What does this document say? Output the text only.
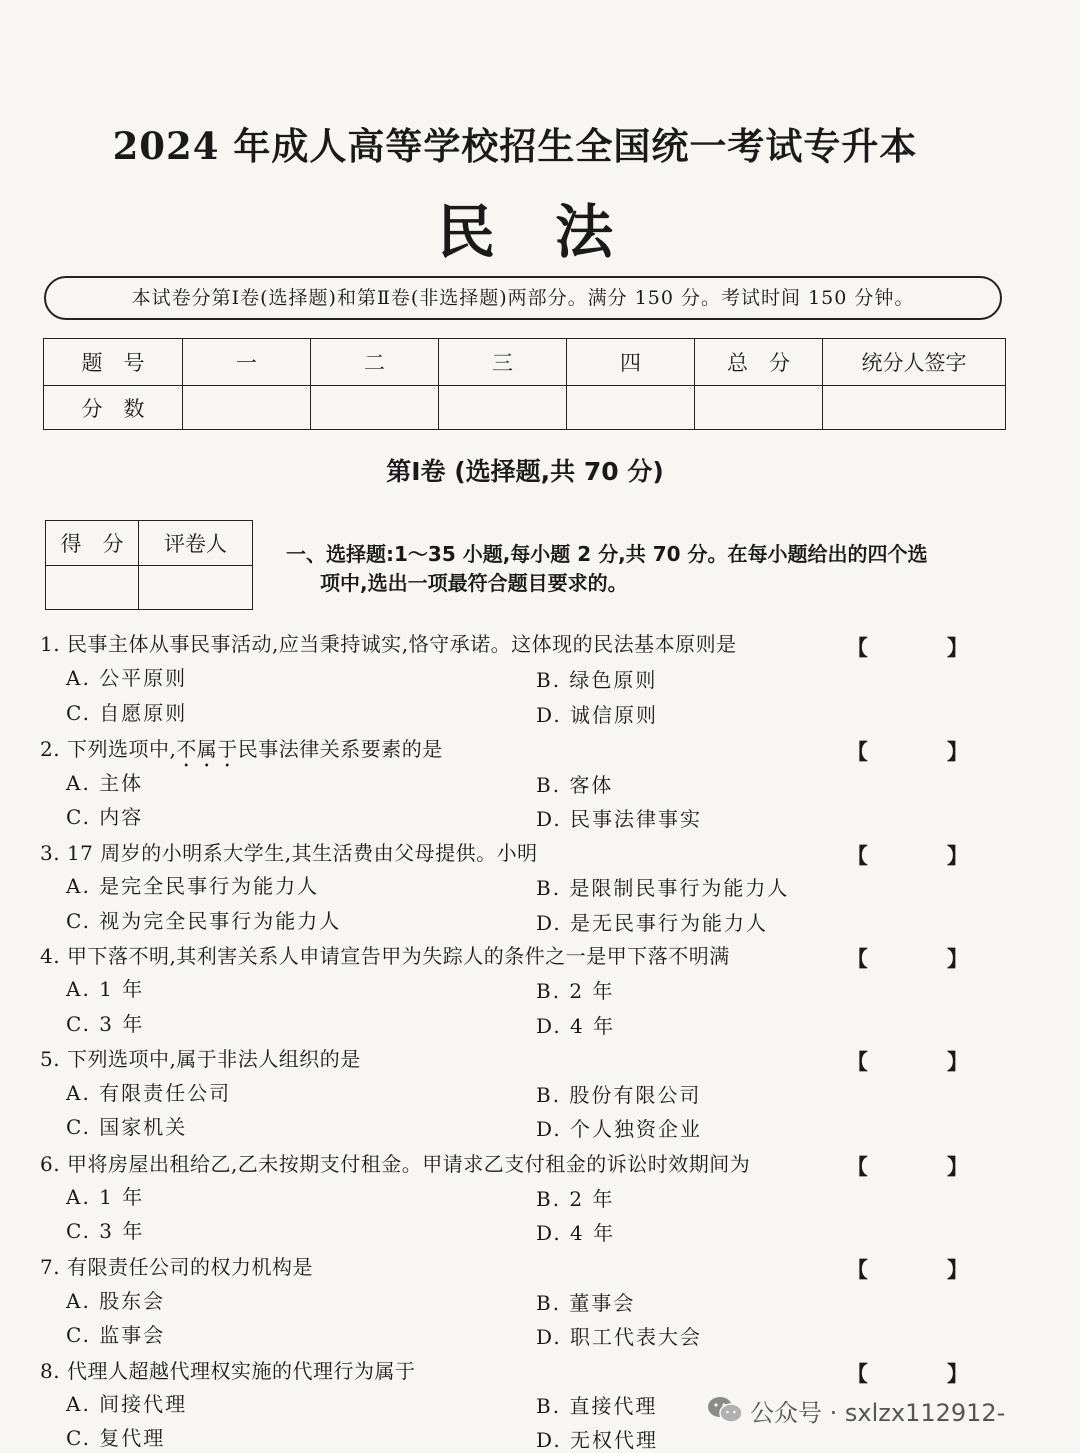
2024 年成人高等学校招生全国统一考试专升本
民法
本试卷分第Ⅰ卷(选择题)和第Ⅱ卷(非选择题)两部分。满分 150 分。考试时间 150 分钟。
题　号	一	二	三	四	总　分	统分人签字
分　数						
第Ⅰ卷 (选择题,共 70 分)
得　分	评卷人
		一、选择题:1～35 小题,每小题 2 分,共 70 分。在每小题给出的四个选
项中,选出一项最符合题目要求的。
1. 民事主体从事民事活动,应当秉持诚实,恪守承诺。这体现的民法基本原则是	【 】
A. 公平原则	B. 绿色原则
C. 自愿原则	D. 诚信原则
2. 下列选项中,不属于民事法律关系要素的是	【 】
A. 主体	B. 客体
C. 内容	D. 民事法律事实
3. 17 周岁的小明系大学生,其生活费由父母提供。小明	【 】
A. 是完全民事行为能力人	B. 是限制民事行为能力人
C. 视为完全民事行为能力人	D. 是无民事行为能力人
4. 甲下落不明,其利害关系人申请宣告甲为失踪人的条件之一是甲下落不明满	【 】
A. 1 年	B. 2 年
C. 3 年	D. 4 年
5. 下列选项中,属于非法人组织的是	【 】
A. 有限责任公司	B. 股份有限公司
C. 国家机关	D. 个人独资企业
6. 甲将房屋出租给乙,乙未按期支付租金。甲请求乙支付租金的诉讼时效期间为	【 】
A. 1 年	B. 2 年
C. 3 年	D. 4 年
7. 有限责任公司的权力机构是	【 】
A. 股东会	B. 董事会
C. 监事会	D. 职工代表大会
8. 代理人超越代理权实施的代理行为属于	【 】
A. 间接代理	B. 直接代理
C. 复代理	D. 无权代理
公众号 · sxlzx112912-
